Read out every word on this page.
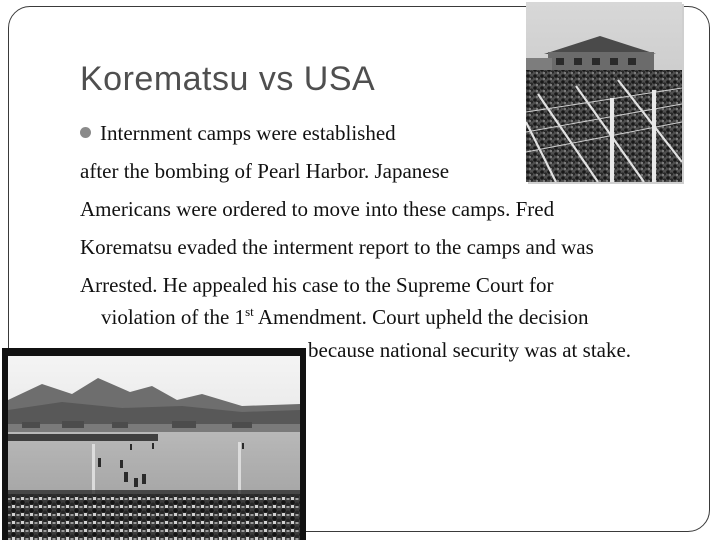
Korematsu vs USA

Internment camps were established

after the bombing of Pearl Harbor. Japanese

Americans were ordered to move into these camps. Fred

Korematsu evaded the interment report to the camps and was

Arrested. He appealed his case to the Supreme Court for

violation of the 1st Amendment. Court upheld the decision

because national security was at stake.
